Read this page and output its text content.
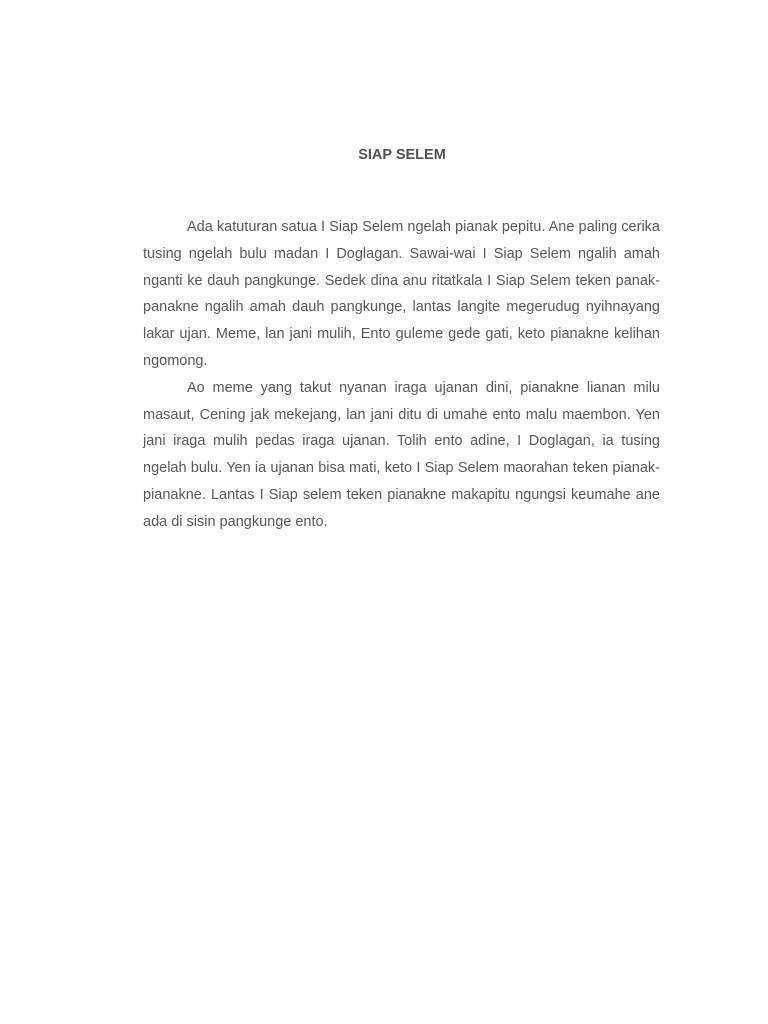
SIAP SELEM

Ada katuturan satua I Siap Selem ngelah pianak pepitu. Ane paling cerika tusing ngelah bulu madan I Doglagan. Sawai-wai I Siap Selem ngalih amah nganti ke dauh pangkunge. Sedek dina anu ritatkala I Siap Selem teken panak-panakne ngalih amah dauh pangkunge, lantas langite megerudug nyihnayang lakar ujan. Meme, lan jani mulih, Ento guleme gede gati, keto pianakne kelihan ngomong.

Ao meme yang takut nyanan iraga ujanan dini, pianakne lianan milu masaut, Cening jak mekejang, lan jani ditu di umahe ento malu maembon. Yen jani iraga mulih pedas iraga ujanan. Tolih ento adine, I Doglagan, ia tusing ngelah bulu. Yen ia ujanan bisa mati, keto I Siap Selem maorahan teken pianak-pianakne. Lantas I Siap selem teken pianakne makapitu ngungsi keumahe ane ada di sisin pangkunge ento.
